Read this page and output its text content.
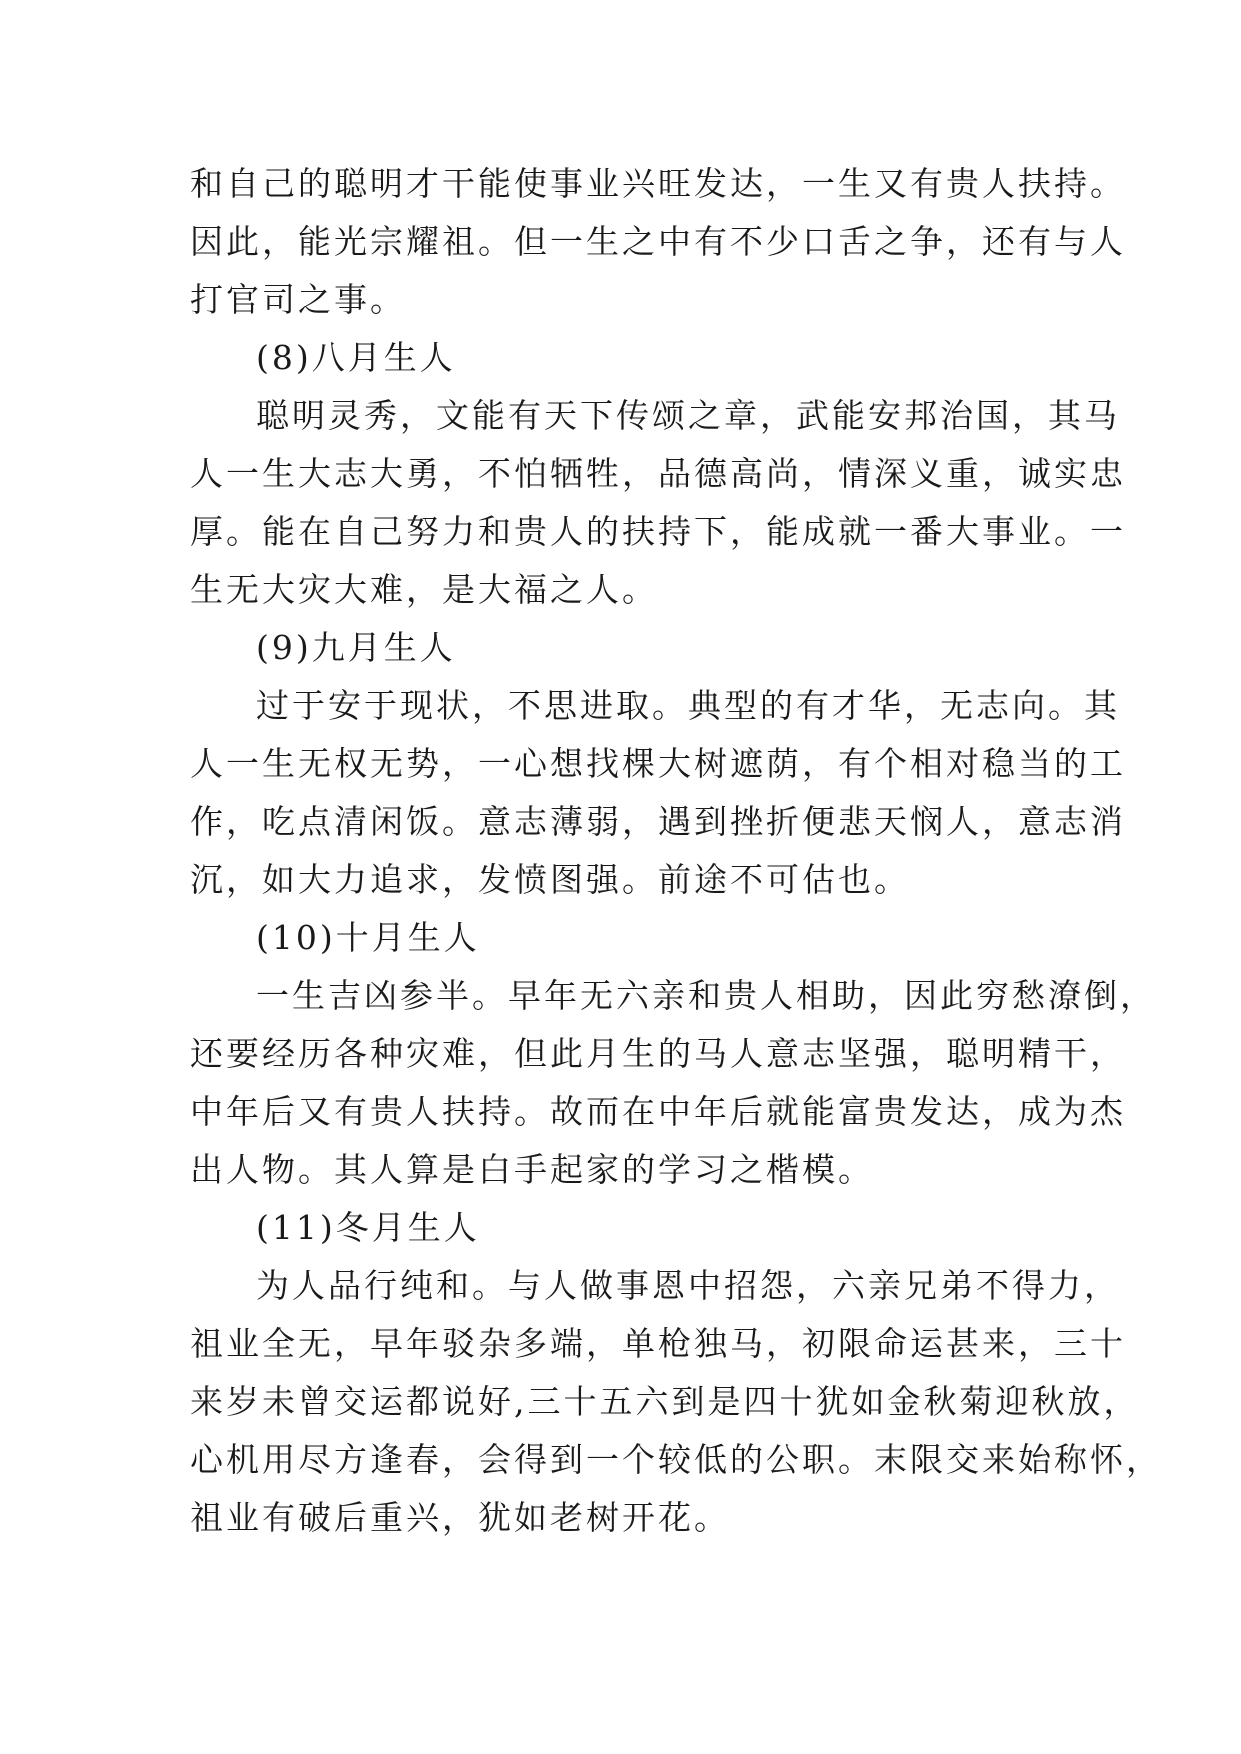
和自己的聪明才干能使事业兴旺发达，一生又有贵人扶持。
因此，能光宗耀祖。但一生之中有不少口舌之争，还有与人
打官司之事。
(8)八月生人
聪明灵秀，文能有天下传颂之章，武能安邦治国，其马
人一生大志大勇，不怕牺牲，品德高尚，情深义重，诚实忠
厚。能在自己努力和贵人的扶持下，能成就一番大事业。一
生无大灾大难，是大福之人。
(9)九月生人
过于安于现状，不思进取。典型的有才华，无志向。其
人一生无权无势，一心想找棵大树遮荫，有个相对稳当的工
作，吃点清闲饭。意志薄弱，遇到挫折便悲天悯人，意志消
沉，如大力追求，发愤图强。前途不可估也。
(10)十月生人
一生吉凶参半。早年无六亲和贵人相助，因此穷愁潦倒，
还要经历各种灾难，但此月生的马人意志坚强，聪明精干，
中年后又有贵人扶持。故而在中年后就能富贵发达，成为杰
出人物。其人算是白手起家的学习之楷模。
(11)冬月生人
为人品行纯和。与人做事恩中招怨，六亲兄弟不得力，
祖业全无，早年驳杂多端，单枪独马，初限命运甚来，三十
来岁未曾交运都说好,三十五六到是四十犹如金秋菊迎秋放，
心机用尽方逢春，会得到一个较低的公职。末限交来始称怀，
祖业有破后重兴，犹如老树开花。
